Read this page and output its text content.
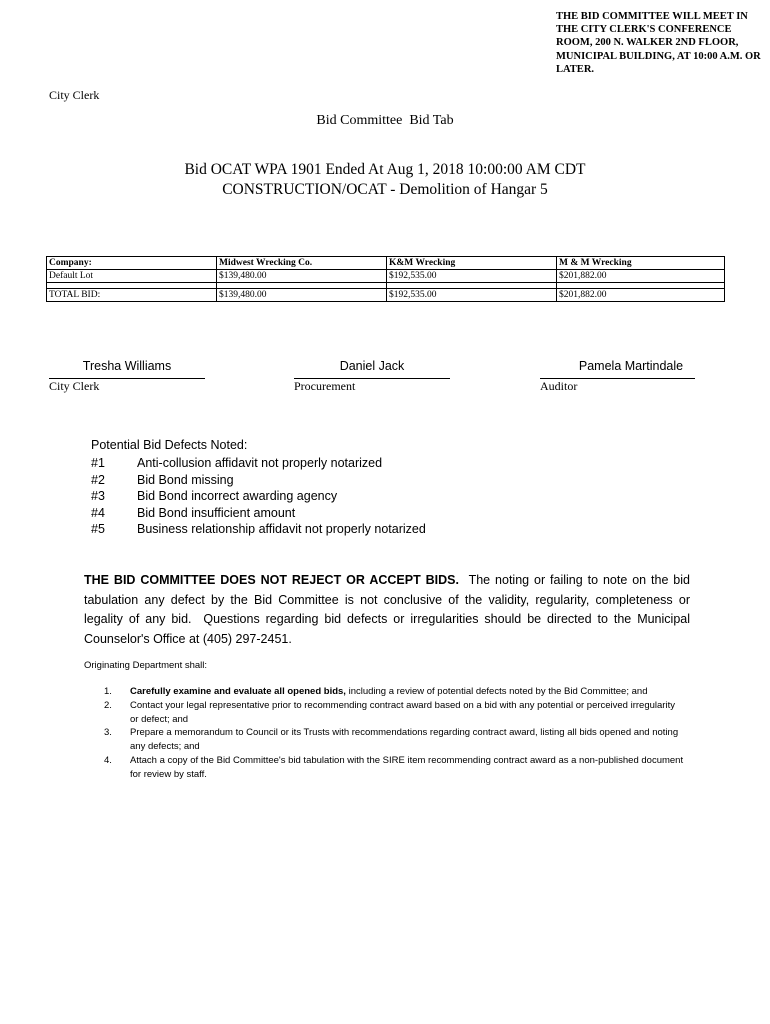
THE BID COMMITTEE WILL MEET IN THE CITY CLERK'S CONFERENCE ROOM, 200 N. WALKER 2ND FLOOR, MUNICIPAL BUILDING, AT 10:00 A.M. OR LATER.
City Clerk
Bid Committee  Bid Tab
Bid OCAT WPA 1901 Ended At Aug 1, 2018 10:00:00 AM CDT
CONSTRUCTION/OCAT - Demolition of Hangar 5
Company:	Midwest Wrecking Co.	K&M Wrecking	M & M Wrecking
Default Lot	$139,480.00	$192,535.00	$201,882.00

TOTAL BID:	$139,480.00	$192,535.00	$201,882.00
Tresha Williams
City Clerk
Daniel Jack
Procurement
Pamela Martindale
Auditor
Potential Bid Defects Noted:
#1	Anti-collusion affidavit not properly notarized
#2	Bid Bond missing
#3	Bid Bond incorrect awarding agency
#4	Bid Bond insufficient amount
#5	Business relationship affidavit not properly notarized
THE BID COMMITTEE DOES NOT REJECT OR ACCEPT BIDS.  The noting or failing to note on the bid tabulation any defect by the Bid Committee is not conclusive of the validity, regularity, completeness or legality of any bid.  Questions regarding bid defects or irregularities should be directed to the Municipal Counselor's Office at (405) 297-2451.
Originating Department shall:
1.	Carefully examine and evaluate all opened bids, including a review of potential defects noted by the Bid Committee; and
2.	Contact your legal representative prior to recommending contract award based on a bid with any potential or perceived irregularity or defect; and
3.	Prepare a memorandum to Council or its Trusts with recommendations regarding contract award, listing all bids opened and noting any defects; and
4.	Attach a copy of the Bid Committee's bid tabulation with the SIRE item recommending contract award as a non-published document for review by staff.
